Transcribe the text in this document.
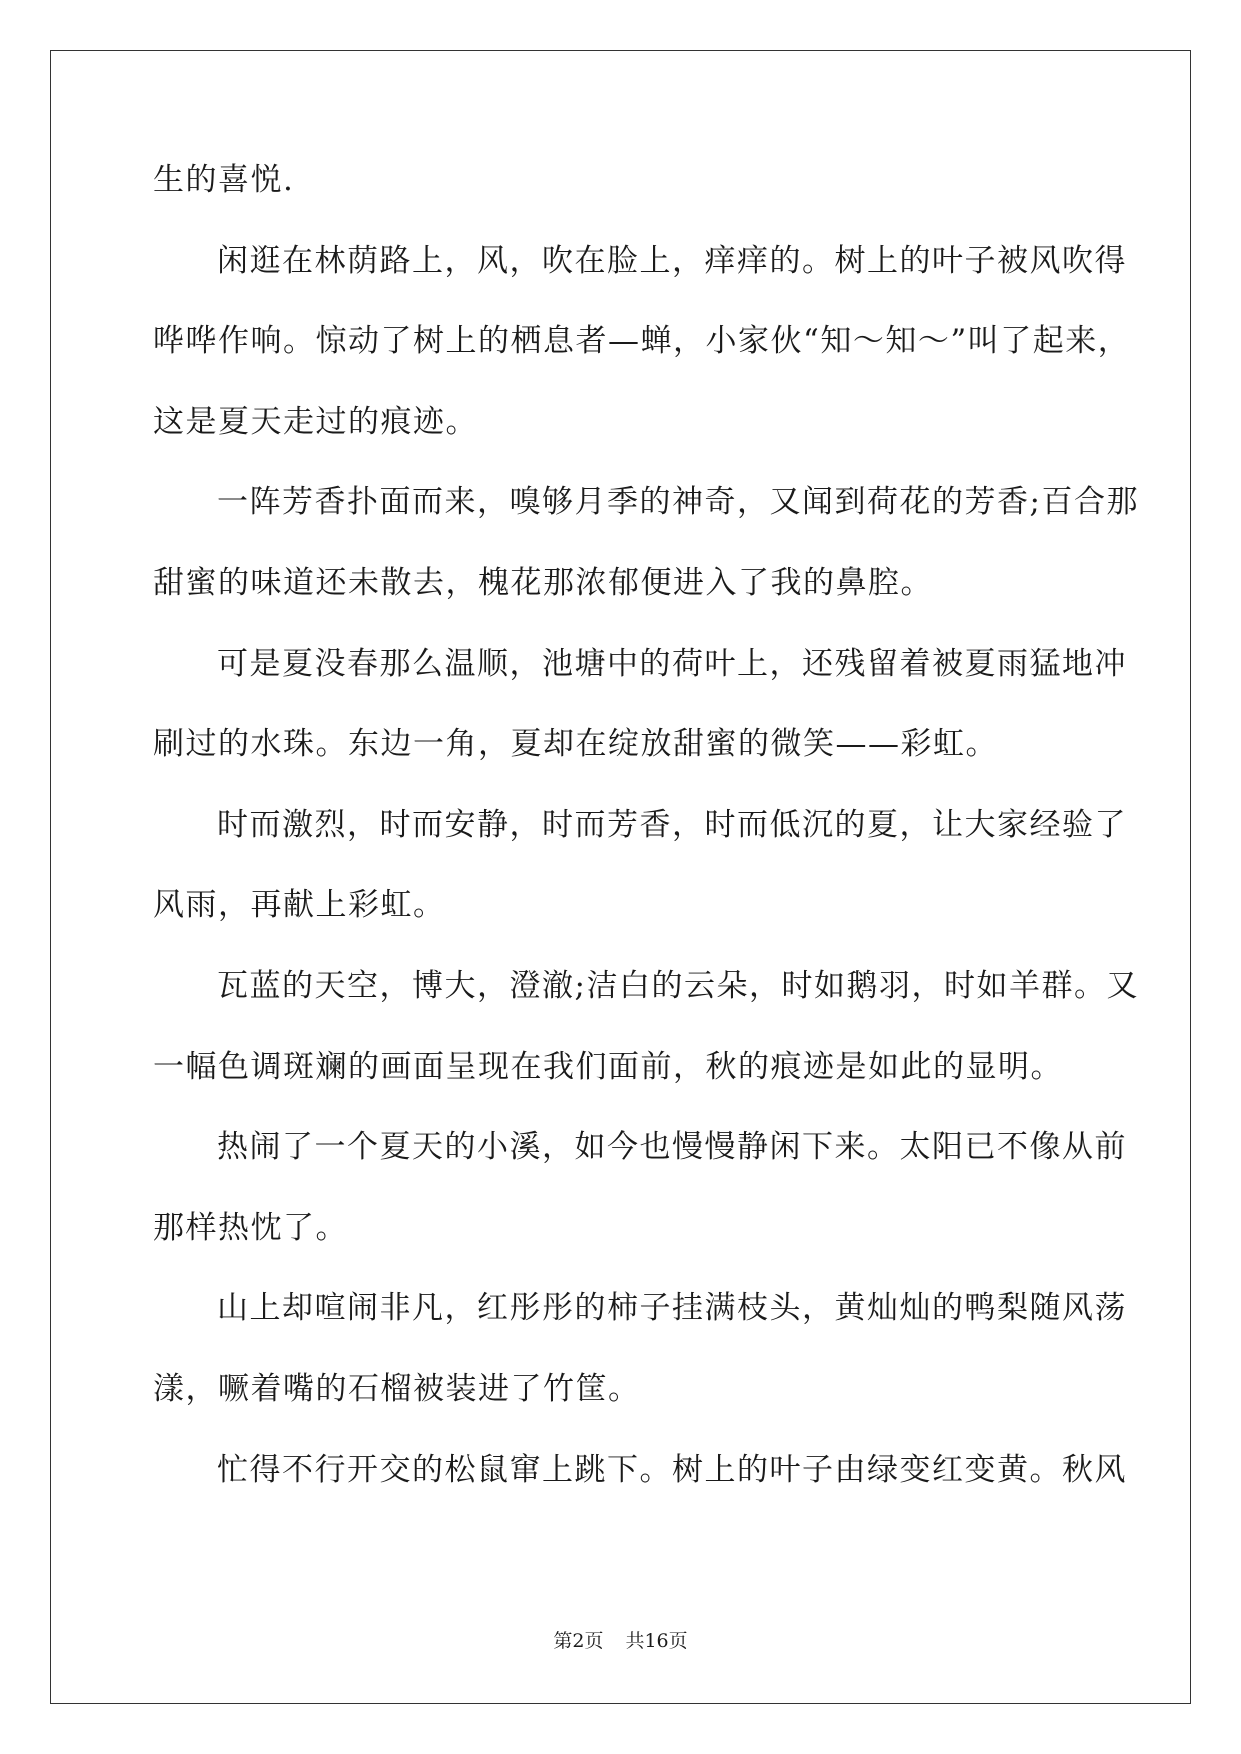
生的喜悦.
闲逛在林荫路上，风，吹在脸上，痒痒的。树上的叶子被风吹得
哗哗作响。惊动了树上的栖息者—蝉，小家伙“知～知～”叫了起来，
这是夏天走过的痕迹。
一阵芳香扑面而来，嗅够月季的神奇，又闻到荷花的芳香;百合那
甜蜜的味道还未散去，槐花那浓郁便进入了我的鼻腔。
可是夏没春那么温顺，池塘中的荷叶上，还残留着被夏雨猛地冲
刷过的水珠。东边一角，夏却在绽放甜蜜的微笑——彩虹。
时而激烈，时而安静，时而芳香，时而低沉的夏，让大家经验了
风雨，再献上彩虹。
瓦蓝的天空，博大，澄澈;洁白的云朵，时如鹅羽，时如羊群。又
一幅色调斑斓的画面呈现在我们面前，秋的痕迹是如此的显明。
热闹了一个夏天的小溪，如今也慢慢静闲下来。太阳已不像从前
那样热忱了。
山上却喧闹非凡，红彤彤的柿子挂满枝头，黄灿灿的鸭梨随风荡
漾，噘着嘴的石榴被装进了竹筐。
忙得不行开交的松鼠窜上跳下。树上的叶子由绿变红变黄。秋风
第2页 共16页
